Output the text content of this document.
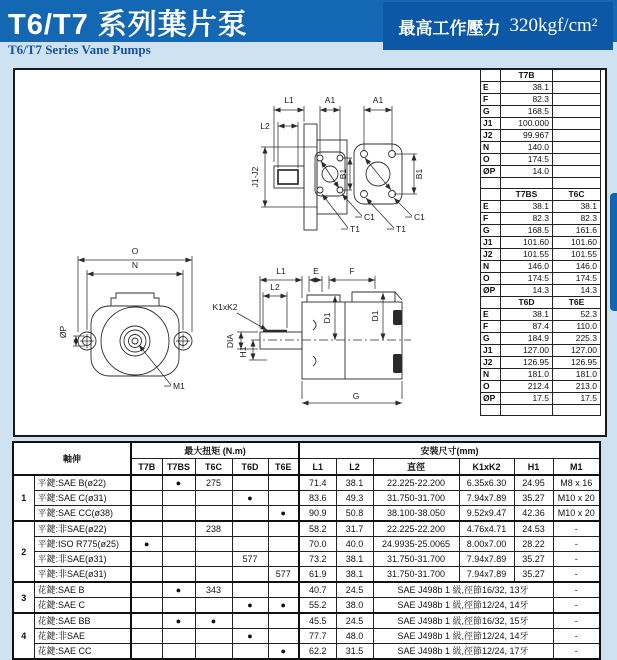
T6/T7 系列葉片泵	最高工作壓力 320kgf/cm²
T6/T7 Series Vane Pumps
L1	A1	A1
L2
J1-J2	B1	B1
C1	C1
T1	T1
O
N
ØP
M1
L1
L2
E	F
K1xK2
DIA
H1
D1	D1
G
	T7B	
E	38.1	
F	82.3	
G	168.5	
J1	100.000	
J2	99.967	
N	140.0	
O	174.5	
ØP	14.0	

	T7BS	T6C
E	38.1	38.1
F	82.3	82.3
G	168.5	161.6
J1	101.60	101.60
J2	101.55	101.55
N	146.0	146.0
O	174.5	174.5
ØP	14.3	14.3
	T6D	T6E
E	38.1	52.3
F	87.4	110.0
G	184.9	225.3
J1	127.00	127.00
J2	126.95	126.95
N	181.0	181.0
O	212.4	213.0
ØP	17.5	17.5

軸伸		最大扭矩 (N.m)					安裝尺寸(mm)					
		T7B	T7BS	T6C	T6D	T6E	L1	L2	直徑	K1xK2	H1	M1
1	平鍵:SAE B(ø22)		●	275			71.4	38.1	22.225-22.200	6.35x6.30	24.95	M8 x 16
	平鍵:SAE C(ø31)				●		83.6	49.3	31.750-31.700	7.94x7.89	35.27	M10 x 20
	平鍵:SAE CC(ø38)					●	90.9	50.8	38.100-38.050	9.52x9.47	42.36	M10 x 20
2	平鍵:非SAE(ø22)			238			58.2	31.7	22.225-22.200	4.76x4.71	24.53	-
	平鍵:ISO R775(ø25)	●					70.0	40.0	24.9935-25.0065	8.00x7.00	28.22	-
	平鍵:非SAE(ø31)				577		73.2	38.1	31.750-31.700	7.94x7.89	35.27	-
	平鍵:非SAE(ø31)					577	61.9	38.1	31.750-31.700	7.94x7.89	35.27	-
3	花鍵:SAE B		●	343			40.7	24.5	SAE J498b 1 級,徑節16/32, 13牙			-
	花鍵:SAE C				●	●	55.2	38.0	SAE J498b 1 級,徑節12/24, 14牙			-
4	花鍵:SAE BB		●	●			45.5	24.5	SAE J498b 1 級,徑節16/32, 15牙			-
	花鍵:非SAE				●		77.7	48.0	SAE J498b 1 級,徑節12/24, 14牙			-
	花鍵:SAE CC					●	62.2	31.5	SAE J498b 1 級,徑節12/24, 17牙			-
